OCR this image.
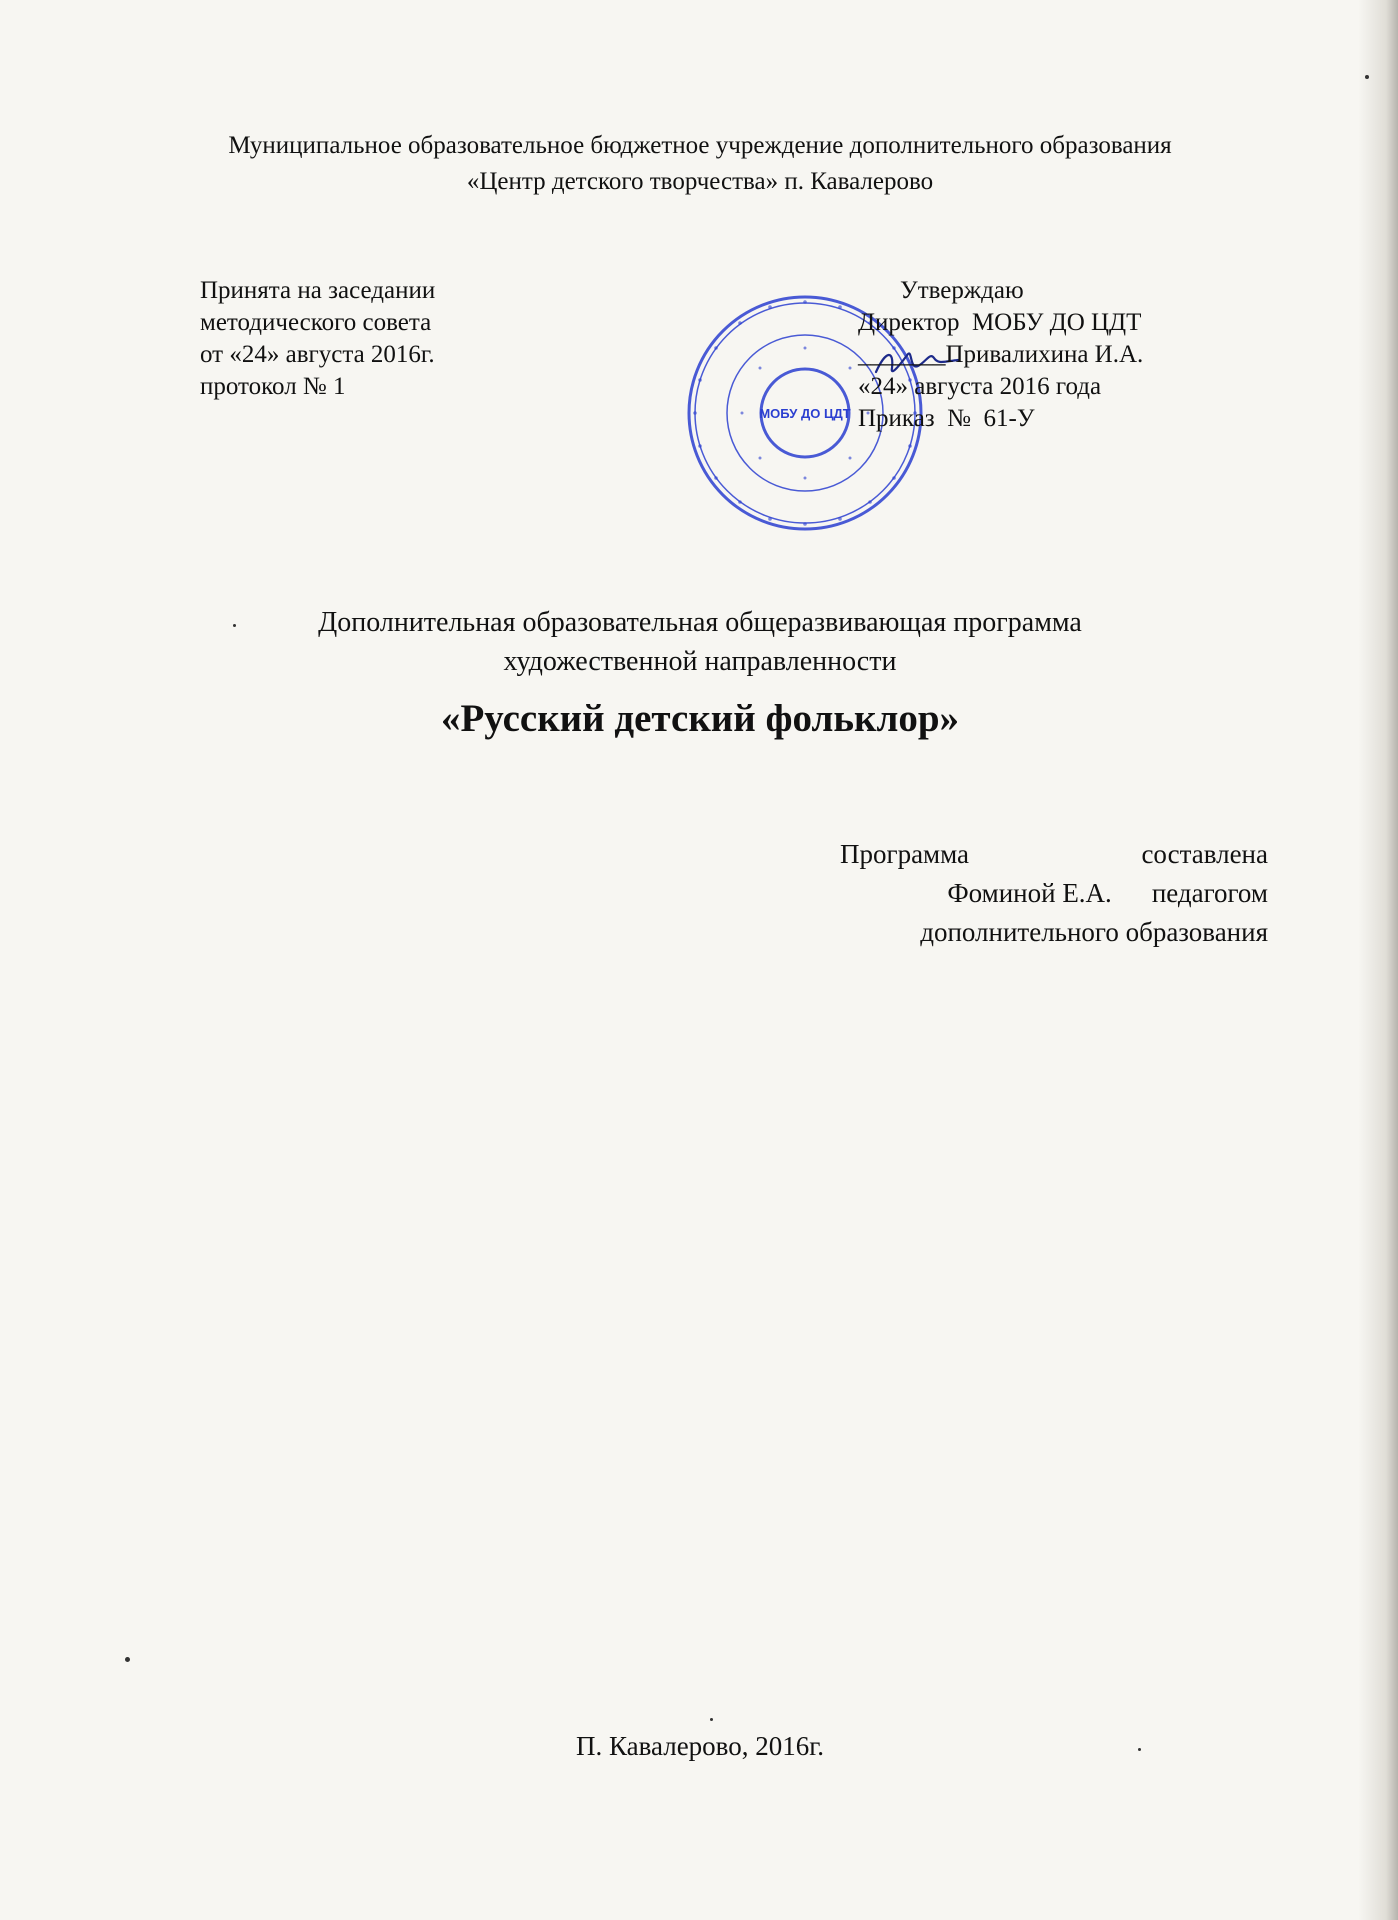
Муниципальное образовательное бюджетное учреждение дополнительного образования
«Центр детского творчества» п. Кавалерово
Принята на заседании
методического совета
от «24» августа 2016г.
протокол № 1
МОБУ ДО ЦДТ
Утверждаю
Директор  МОБУ ДО ЦДТ
_______Привалихина И.А.
«24» августа 2016 года
Приказ  №  61-У
Дополнительная образовательная общеразвивающая программа
художественной направленности
«Русский детский фольклор»
Программа	составлена
Фоминой Е.А. педагогом
дополнительного образования
П. Кавалерово, 2016г.
